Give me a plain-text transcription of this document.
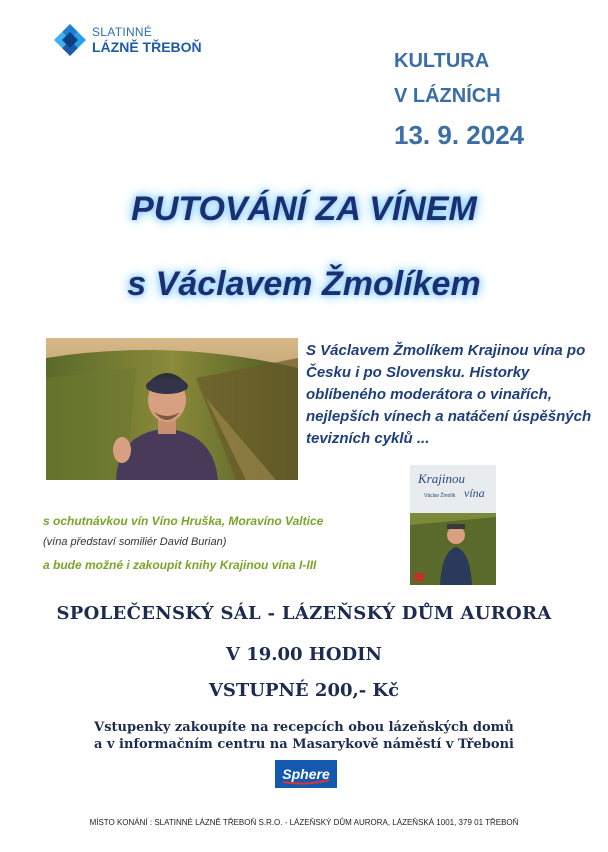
SLATINNÉ
LÁZNĚ TŘEBOŇ
KULTURA
V LÁZNÍCH
13. 9. 2024
PUTOVÁNÍ ZA VÍNEM
s Václavem Žmolíkem
S Václavem Žmolíkem Krajinou vína po Česku i po Slovensku. Historky oblíbeného moderátora o vinařích, nejlepších vínech a natáčení úspěšných tevizních cyklů ...
Krajinou
Václav Žmolík vína
s ochutnávkou vín Víno Hruška, Moravíno Valtice
(vína představí somiliér David Burian)
a bude možné i zakoupit knihy Krajinou vína I-III
SPOLEČENSKÝ SÁL - LÁZEŇSKÝ DŮM AURORA
V 19.00 HODIN
VSTUPNÉ 200,- Kč
Vstupenky zakoupíte na recepcích obou lázeňských domů
a v informačním centru na Masarykově náměstí v Třeboni
Sphere
MÍSTO KONÁNÍ : SLATINNÉ LÁZNĚ TŘEBOŇ S.R.O. - LÁZEŇSKÝ DŮM AURORA, LÁZEŇSKÁ 1001, 379 01 TŘEBOŇ
